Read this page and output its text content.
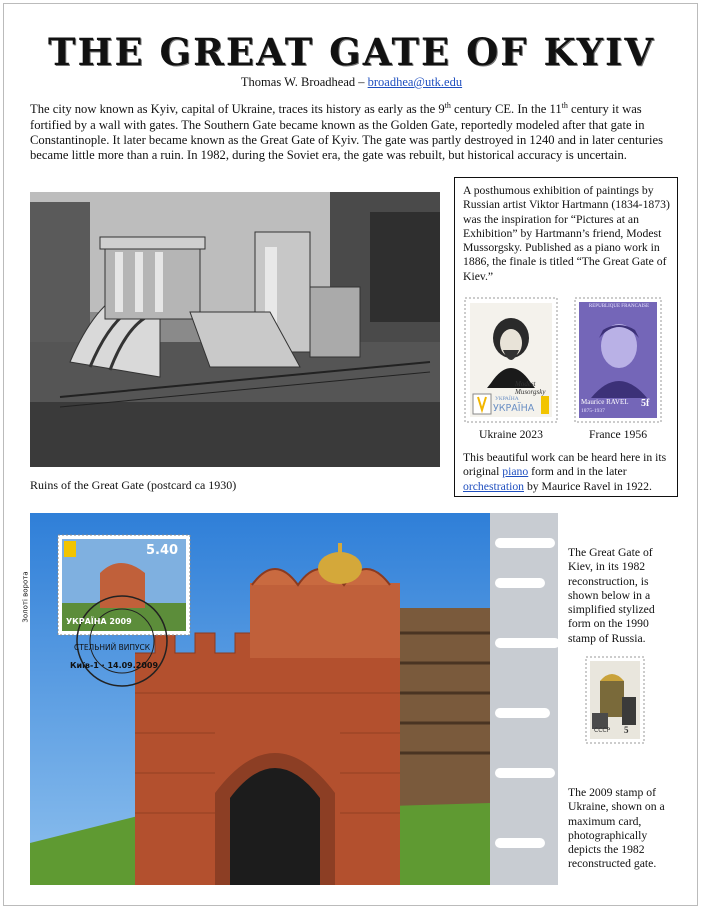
THE GREAT GATE OF KYIV
Thomas W. Broadhead – broadhea@utk.edu

The city now known as Kyiv, capital of Ukraine, traces its history as early as the 9th century CE. In the 11th century it was fortified by a wall with gates. The Southern Gate became known as the Golden Gate, reportedly modeled after that gate in Constantinople. It later became known as the Great Gate of Kyiv. The gate was partly destroyed in 1240 and in later centuries became little more than a ruin. In 1982, during the Soviet era, the gate was rebuilt, but historical accuracy is uncertain.

Ruins of the Great Gate (postcard ca 1930)

A posthumous exhibition of paintings by Russian artist Viktor Hartmann (1834-1873) was the inspiration for “Pictures at an Exhibition” by Hartmann’s friend, Modest Mussorgsky. Published as a piano work in 1886, the finale is titled “The Great Gate of Kiev.”

Modest Musorgsky
УКРАЇНА
УКРАЇНА
Ukraine 2023
REPUBLIQUE FRANCAISE
Maurice RAVEL
1875-1937
5f
France 1956

This beautiful work can be heard here in its original piano form and in the later orchestration by Maurice Ravel in 1922.

5.40
УКРАЇНА 2009
СТЕЛЬНИЙ ВИПУСК
Київ-1 · 14.09.2009
Золоті ворота

The Great Gate of Kiev, in its 1982 reconstruction, is shown below in a simplified stylized form on the 1990 stamp of Russia.

СССР 5

The 2009 stamp of Ukraine, shown on a maximum card, photographically depicts the 1982 reconstructed gate.
